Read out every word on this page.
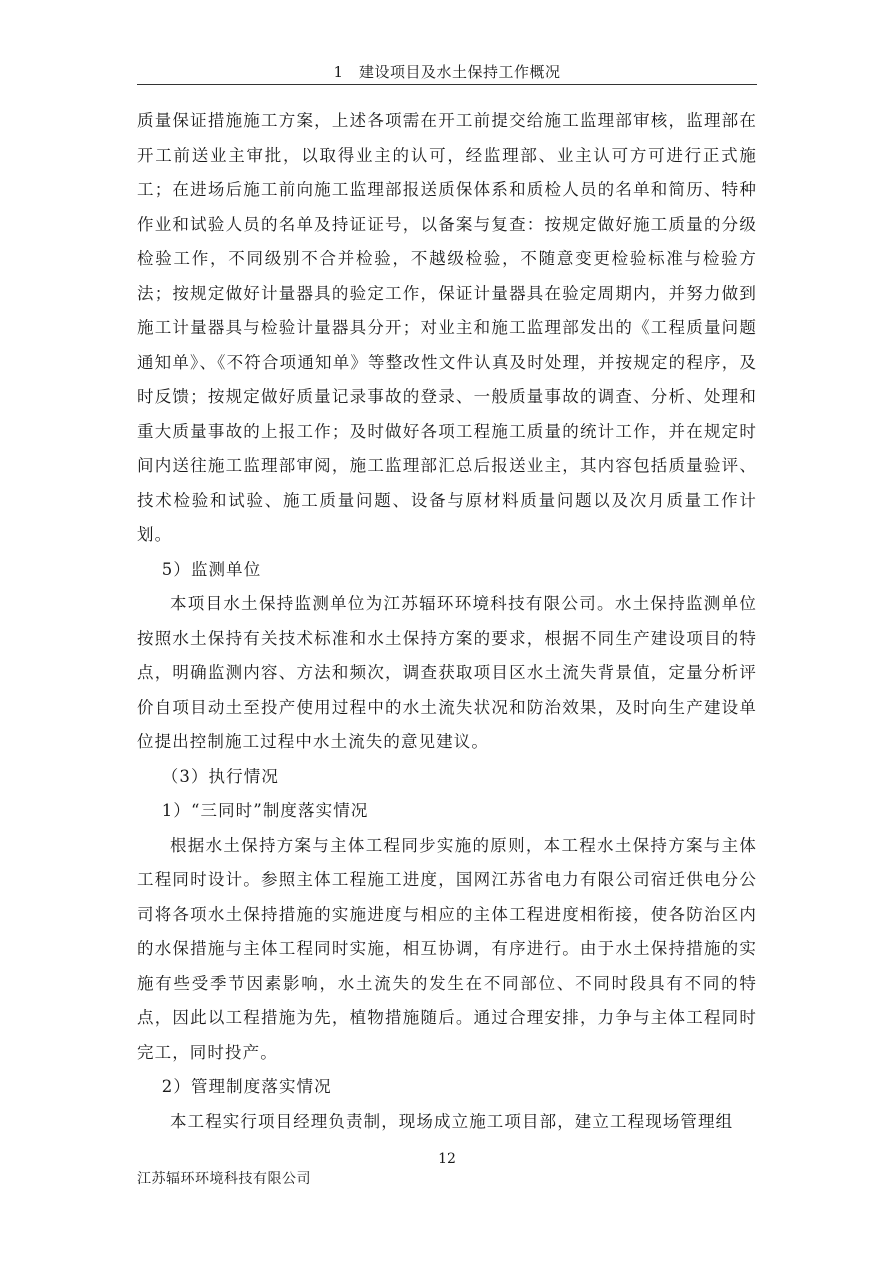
1　建设项目及水土保持工作概况

质量保证措施施工方案，上述各项需在开工前提交给施工监理部审核，监理部在开工前送业主审批，以取得业主的认可，经监理部、业主认可方可进行正式施工；在进场后施工前向施工监理部报送质保体系和质检人员的名单和简历、特种作业和试验人员的名单及持证证号，以备案与复查：按规定做好施工质量的分级检验工作，不同级别不合并检验，不越级检验，不随意变更检验标准与检验方法；按规定做好计量器具的验定工作，保证计量器具在验定周期内，并努力做到施工计量器具与检验计量器具分开；对业主和施工监理部发出的《工程质量问题通知单》、《不符合项通知单》等整改性文件认真及时处理，并按规定的程序，及时反馈；按规定做好质量记录事故的登录、一般质量事故的调查、分析、处理和重大质量事故的上报工作；及时做好各项工程施工质量的统计工作，并在规定时间内送往施工监理部审阅，施工监理部汇总后报送业主，其内容包括质量验评、技术检验和试验、施工质量问题、设备与原材料质量问题以及次月质量工作计划。

5）监测单位

本项目水土保持监测单位为江苏辐环环境科技有限公司。水土保持监测单位按照水土保持有关技术标准和水土保持方案的要求，根据不同生产建设项目的特点，明确监测内容、方法和频次，调查获取项目区水土流失背景值，定量分析评价自项目动土至投产使用过程中的水土流失状况和防治效果，及时向生产建设单位提出控制施工过程中水土流失的意见建议。

（3）执行情况

1）“三同时”制度落实情况

根据水土保持方案与主体工程同步实施的原则，本工程水土保持方案与主体工程同时设计。参照主体工程施工进度，国网江苏省电力有限公司宿迁供电分公司将各项水土保持措施的实施进度与相应的主体工程进度相衔接，使各防治区内的水保措施与主体工程同时实施，相互协调，有序进行。由于水土保持措施的实施有些受季节因素影响，水土流失的发生在不同部位、不同时段具有不同的特点，因此以工程措施为先，植物措施随后。通过合理安排，力争与主体工程同时完工，同时投产。

2）管理制度落实情况

本工程实行项目经理负责制，现场成立施工项目部，建立工程现场管理组

12
江苏辐环环境科技有限公司
